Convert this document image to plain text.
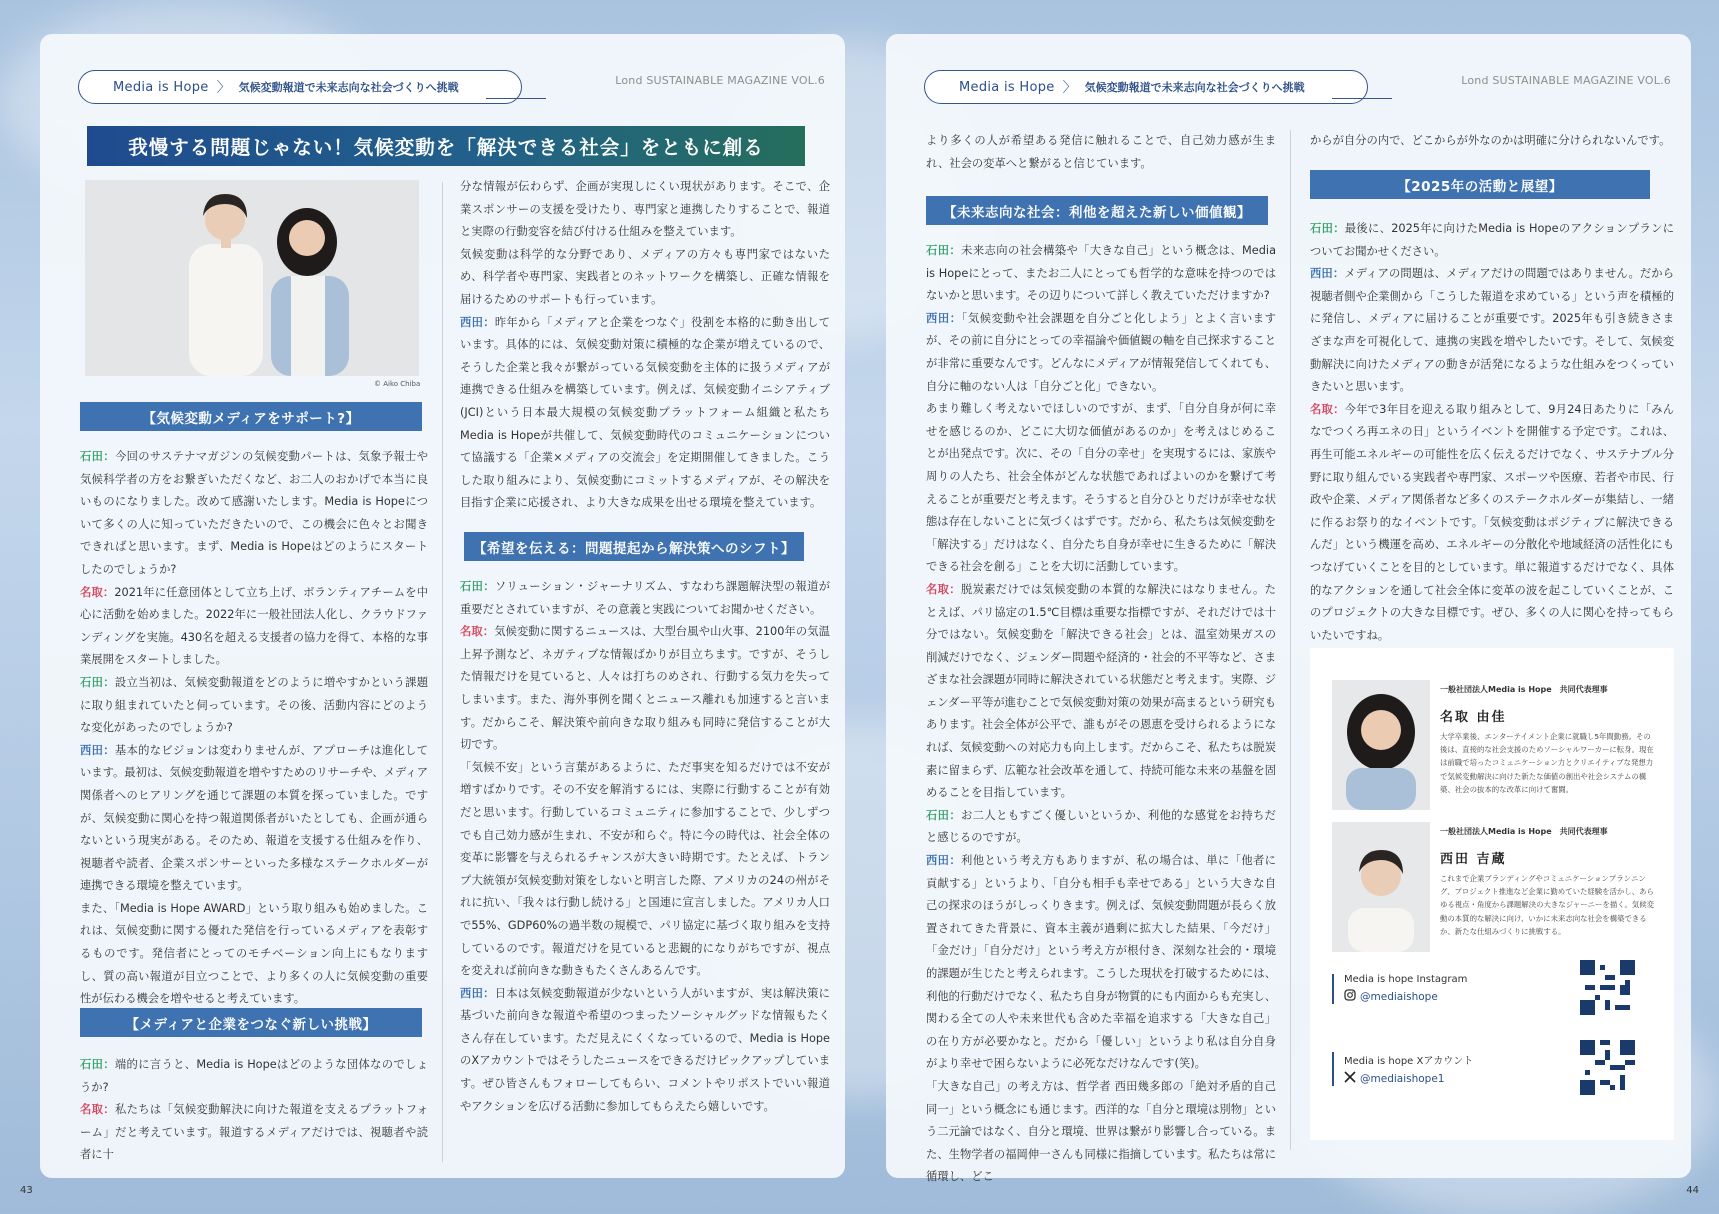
Media is Hope 〉 気候変動報道で未来志向な社会づくりへ挑戦
Lond SUSTAINABLE MAGAZINE VOL.6
我慢する問題じゃない！気候変動を「解決できる社会」をともに創る
© Aiko Chiba
【気候変動メディアをサポート?】

石田：今回のサステナマガジンの気候変動パートは、気象予報士や気候科学者の方をお繋ぎいただくなど、お二人のおかげで本当に良いものになりました。改めて感謝いたします。Media is Hopeについて多くの人に知っていただきたいので、この機会に色々とお聞きできればと思います。まず、Media is Hopeはどのようにスタートしたのでしょうか?

名取：2021年に任意団体として立ち上げ、ボランティアチームを中心に活動を始めました。2022年に一般社団法人化し、クラウドファンディングを実施。430名を超える支援者の協力を得て、本格的な事業展開をスタートしました。

石田：設立当初は、気候変動報道をどのように増やすかという課題に取り組まれていたと伺っています。その後、活動内容にどのような変化があったのでしょうか?

西田：基本的なビジョンは変わりませんが、アプローチは進化しています。最初は、気候変動報道を増やすためのリサーチや、メディア関係者へのヒアリングを通じて課題の本質を探っていました。ですが、気候変動に関心を持つ報道関係者がいたとしても、企画が通らないという現実がある。そのため、報道を支援する仕組みを作り、視聴者や読者、企業スポンサーといった多様なステークホルダーが連携できる環境を整えています。

また、「Media is Hope AWARD」という取り組みも始めました。これは、気候変動に関する優れた発信を行っているメディアを表彰するものです。発信者にとってのモチベーション向上にもなりますし、質の高い報道が目立つことで、より多くの人に気候変動の重要性が伝わる機会を増やせると考えています。

【メディアと企業をつなぐ新しい挑戦】

石田：端的に言うと、Media is Hopeはどのような団体なのでしょうか?

名取：私たちは「気候変動解決に向けた報道を支えるプラットフォーム」だと考えています。報道するメディアだけでは、視聴者や読者に十

分な情報が伝わらず、企画が実現しにくい現状があります。そこで、企業スポンサーの支援を受けたり、専門家と連携したりすることで、報道と実際の行動変容を結び付ける仕組みを整えています。

気候変動は科学的な分野であり、メディアの方々も専門家ではないため、科学者や専門家、実践者とのネットワークを構築し、正確な情報を届けるためのサポートも行っています。

西田：昨年から「メディアと企業をつなぐ」役割を本格的に動き出しています。具体的には、気候変動対策に積極的な企業が増えているので、そうした企業と我々が繋がっている気候変動を主体的に扱うメディアが連携できる仕組みを構築しています。例えば、気候変動イニシアティブ(JCI)という日本最大規模の気候変動プラットフォーム組織と私たちMedia is Hopeが共催して、気候変動時代のコミュニケーションについて協議する「企業×メディアの交流会」を定期開催してきました。こうした取り組みにより、気候変動にコミットするメディアが、その解決を目指す企業に応援され、より大きな成果を出せる環境を整えています。

【希望を伝える：問題提起から解決策へのシフト】

石田：ソリューション・ジャーナリズム、すなわち課題解決型の報道が重要だとされていますが、その意義と実践についてお聞かせください。

名取：気候変動に関するニュースは、大型台風や山火事、2100年の気温上昇予測など、ネガティブな情報ばかりが目立ちます。ですが、そうした情報だけを見ていると、人々は打ちのめされ、行動する気力を失ってしまいます。また、海外事例を聞くとニュース離れも加速すると言います。だからこそ、解決策や前向きな取り組みも同時に発信することが大切です。

「気候不安」という言葉があるように、ただ事実を知るだけでは不安が増すばかりです。その不安を解消するには、実際に行動することが有効だと思います。行動しているコミュニティに参加することで、少しずつでも自己効力感が生まれ、不安が和らぐ。特に今の時代は、社会全体の変革に影響を与えられるチャンスが大きい時期です。たとえば、トランプ大統領が気候変動対策をしないと明言した際、アメリカの24の州がそれに抗い、「我々は行動し続ける」と国連に宣言しました。アメリカ人口で55%、GDP60%の過半数の規模で、パリ協定に基づく取り組みを支持しているのです。報道だけを見ていると悲観的になりがちですが、視点を変えれば前向きな動きもたくさんあるんです。

西田：日本は気候変動報道が少ないという人がいますが、実は解決策に基づいた前向きな報道や希望のつまったソーシャルグッドな情報もたくさん存在しています。ただ見えにくくなっているので、Media is HopeのXアカウントではそうしたニュースをできるだけピックアップしています。ぜひ皆さんもフォローしてもらい、コメントやリポストでいい報道やアクションを広げる活動に参加してもらえたら嬉しいです。

43
Media is Hope 〉 気候変動報道で未来志向な社会づくりへ挑戦
Lond SUSTAINABLE MAGAZINE VOL.6

より多くの人が希望ある発信に触れることで、自己効力感が生まれ、社会の変革へと繋がると信じています。

【未来志向な社会：利他を超えた新しい価値観】

石田：未来志向の社会構築や「大きな自己」という概念は、Media is Hopeにとって、またお二人にとっても哲学的な意味を持つのではないかと思います。その辺りについて詳しく教えていただけますか?

西田：「気候変動や社会課題を自分ごと化しよう」とよく言いますが、その前に自分にとっての幸福論や価値観の軸を自己探求することが非常に重要なんです。どんなにメディアが情報発信してくれても、自分に軸のない人は「自分ごと化」できない。

あまり難しく考えないでほしいのですが、まず、「自分自身が何に幸せを感じるのか、どこに大切な価値があるのか」を考えはじめることが出発点です。次に、その「自分の幸せ」を実現するには、家族や周りの人たち、社会全体がどんな状態であればよいのかを繋げて考えることが重要だと考えます。そうすると自分ひとりだけが幸せな状態は存在しないことに気づくはずです。だから、私たちは気候変動を「解決する」だけはなく、自分たち自身が幸せに生きるために「解決できる社会を創る」ことを大切に活動しています。

名取：脱炭素だけでは気候変動の本質的な解決にはなりません。たとえば、パリ協定の1.5℃目標は重要な指標ですが、それだけでは十分ではない。気候変動を「解決できる社会」とは、温室効果ガスの削減だけでなく、ジェンダー問題や経済的・社会的不平等など、さまざまな社会課題が同時に解決されている状態だと考えます。実際、ジェンダー平等が進むことで気候変動対策の効果が高まるという研究もあります。社会全体が公平で、誰もがその恩恵を受けられるようになれば、気候変動への対応力も向上します。だからこそ、私たちは脱炭素に留まらず、広範な社会改革を通して、持続可能な未来の基盤を固めることを目指しています。

石田：お二人ともすごく優しいというか、利他的な感覚をお持ちだと感じるのですが。

西田：利他という考え方もありますが、私の場合は、単に「他者に貢献する」というより、「自分も相手も幸せである」という大きな自己の探求のほうがしっくりきます。例えば、気候変動問題が長らく放置されてきた背景に、資本主義が過剰に拡大した結果、「今だけ」「金だけ」「自分だけ」という考え方が根付き、深刻な社会的・環境的課題が生じたと考えられます。こうした現状を打破するためには、利他的行動だけでなく、私たち自身が物質的にも内面からも充実し、関わる全ての人や未来世代も含めた幸福を追求する「大きな自己」の在り方が必要かなと。だから「優しい」というより私は自分自身がより幸せで困らないように必死なだけなんです(笑)。

「大きな自己」の考え方は、哲学者 西田幾多郎の「絶対矛盾的自己同一」という概念にも通じます。西洋的な「自分と環境は別物」という二元論ではなく、自分と環境、世界は繋がり影響し合っている。また、生物学者の福岡伸一さんも同様に指摘しています。私たちは常に循環し、どこ

からが自分の内で、どこからが外なのかは明確に分けられないんです。

【2025年の活動と展望】

石田：最後に、2025年に向けたMedia is Hopeのアクションプランについてお聞かせください。

西田：メディアの問題は、メディアだけの問題ではありません。だから視聴者側や企業側から「こうした報道を求めている」という声を積極的に発信し、メディアに届けることが重要です。2025年も引き続きさまざまな声を可視化して、連携の実践を増やしたいです。そして、気候変動解決に向けたメディアの動きが活発になるような仕組みをつくっていきたいと思います。

名取：今年で3年目を迎える取り組みとして、9月24日あたりに「みんなでつくろ再エネの日」というイベントを開催する予定です。これは、再生可能エネルギーの可能性を広く伝えるだけでなく、サステナブル分野に取り組んでいる実践者や専門家、スポーツや医療、若者や市民、行政や企業、メディア関係者など多くのステークホルダーが集結し、一緒に作るお祭り的なイベントです。「気候変動はポジティブに解決できるんだ」という機運を高め、エネルギーの分散化や地域経済の活性化にもつなげていくことを目的としています。単に報道するだけでなく、具体的なアクションを通して社会全体に変革の波を起こしていくことが、このプロジェクトの大きな目標です。ぜひ、多くの人に関心を持ってもらいたいですね。

一般社団法人Media is Hope　共同代表理事
名取 由佳
大学卒業後、エンターテイメント企業に就職し5年間勤務。その後は、直接的な社会支援のためソーシャルワーカーに転身。現在は前職で培ったコミュニケーション力とクリエイティブな発想力で気候変動解決に向けた新たな価値の創出や社会システムの構築、社会の抜本的な改革に向けて奮闘。
一般社団法人Media is Hope　共同代表理事
西田 吉蔵
これまで企業ブランディングやコミュニケーションプランニング、プロジェクト推進など企業に勤めていた経験を活かし、あらゆる視点・角度から課題解決の大きなジャーニーを描く。気候変動の本質的な解決に向け、いかに未来志向な社会を構築できるか、新たな仕組みづくりに挑戦する。
Media is hope Instagram
@mediaishope
Media is hope Xアカウント
@mediaishope1
44
